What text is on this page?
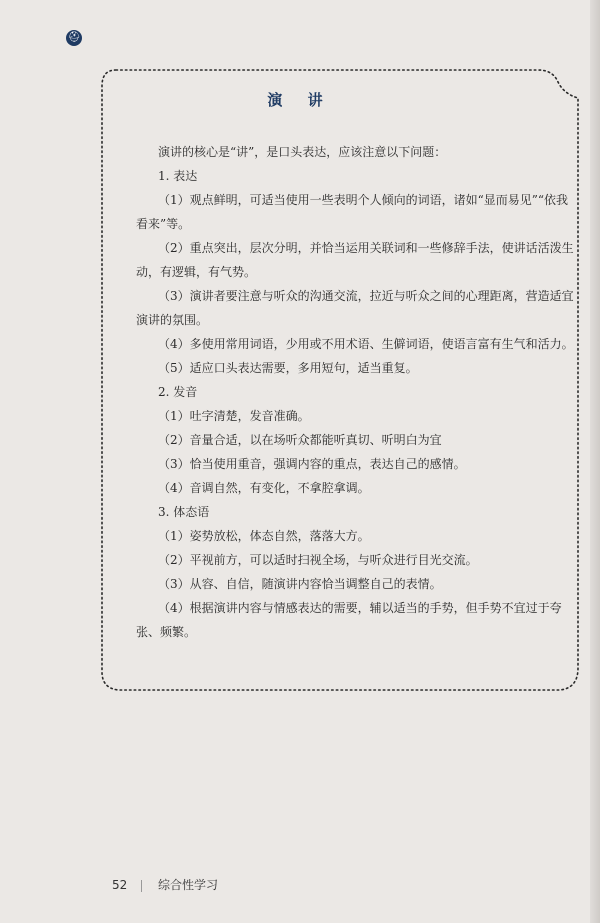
⛑
演 讲

演讲的核心是“讲”，是口头表达，应该注意以下问题：

1. 表达

（1）观点鲜明，可适当使用一些表明个人倾向的词语，诸如“显而易见”“依我看来”等。

（2）重点突出，层次分明，并恰当运用关联词和一些修辞手法，使讲话活泼生动，有逻辑，有气势。

（3）演讲者要注意与听众的沟通交流，拉近与听众之间的心理距离，营造适宜演讲的氛围。

（4）多使用常用词语，少用或不用术语、生僻词语，使语言富有生气和活力。

（5）适应口头表达需要，多用短句，适当重复。

2. 发音

（1）吐字清楚，发音准确。

（2）音量合适，以在场听众都能听真切、听明白为宜

（3）恰当使用重音，强调内容的重点，表达自己的感情。

（4）音调自然，有变化，不拿腔拿调。

3. 体态语

（1）姿势放松，体态自然，落落大方。

（2）平视前方，可以适时扫视全场，与听众进行目光交流。

（3）从容、自信，随演讲内容恰当调整自己的表情。

（4）根据演讲内容与情感表达的需要，辅以适当的手势，但手势不宜过于夸张、频繁。

52	综合性学习
